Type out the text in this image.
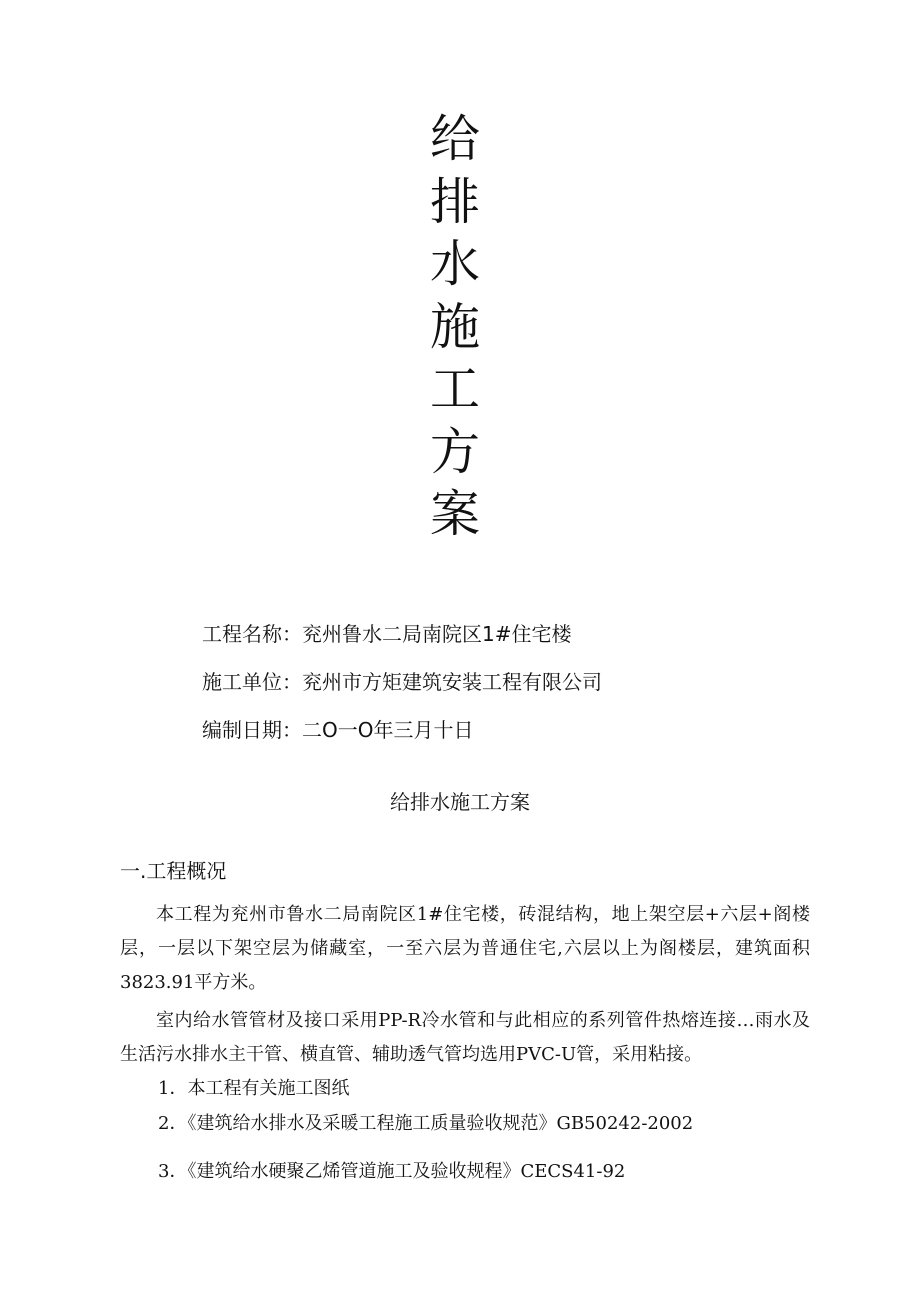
给排水施工方案
工程名称：兖州鲁水二局南院区1#住宅楼
施工单位：兖州市方矩建筑安装工程有限公司
编制日期：二O一O年三月十日
给排水施工方案
一.工程概况

本工程为兖州市鲁水二局南院区1#住宅楼，砖混结构，地上架空层+六层+阁楼层，一层以下架空层为储藏室，一至六层为普通住宅,六层以上为阁楼层，建筑面积3823.91平方米。

室内给水管管材及接口采用PP-R冷水管和与此相应的系列管件热熔连接…雨水及生活污水排水主干管、横直管、辅助透气管均选用PVC-U管，采用粘接。

1．本工程有关施工图纸

2．《建筑给水排水及采暖工程施工质量验收规范》GB50242-2002

3．《建筑给水硬聚乙烯管道施工及验收规程》CECS41-92
